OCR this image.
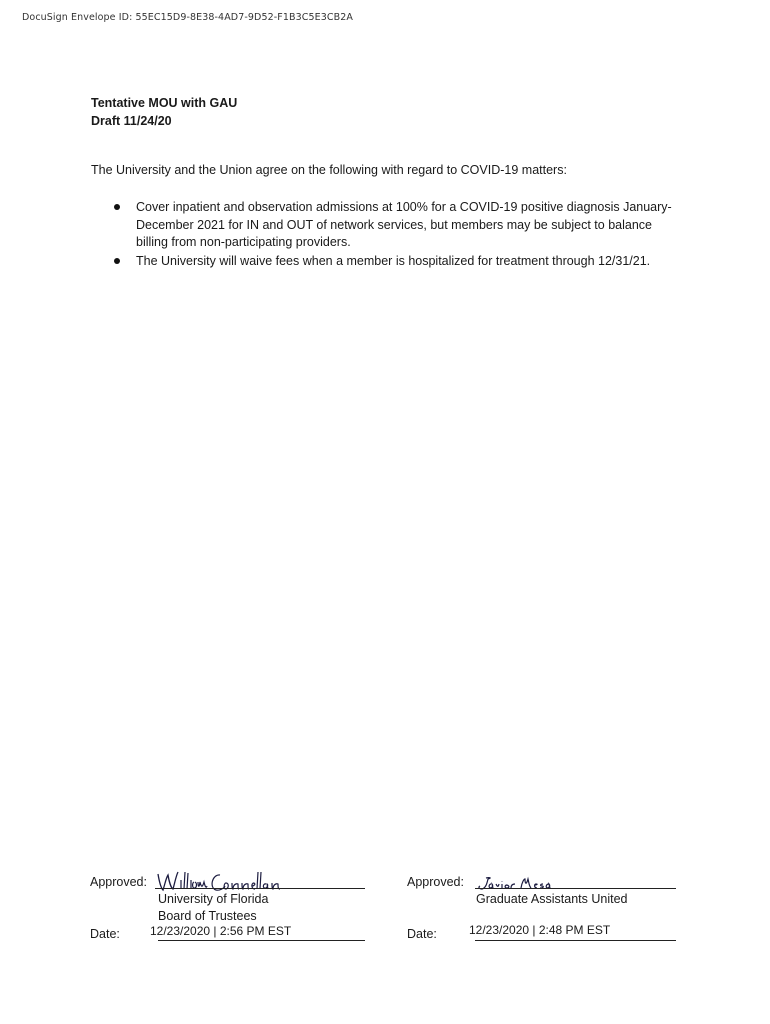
DocuSign Envelope ID: 55EC15D9-8E38-4AD7-9D52-F1B3C5E3CB2A
Tentative MOU with GAU
Draft 11/24/20
The University and the Union agree on the following with regard to COVID-19 matters:
Cover inpatient and observation admissions at 100% for a COVID-19 positive diagnosis January-December 2021 for IN and OUT of network services, but members may be subject to balance billing from non-participating providers.
The University will waive fees when a member is hospitalized for treatment through 12/31/21.
Approved:
University of Florida
Board of Trustees
Date:	12/23/2020 | 2:56 PM EST
Approved:
Graduate Assistants United
Date:	12/23/2020 | 2:48 PM EST
